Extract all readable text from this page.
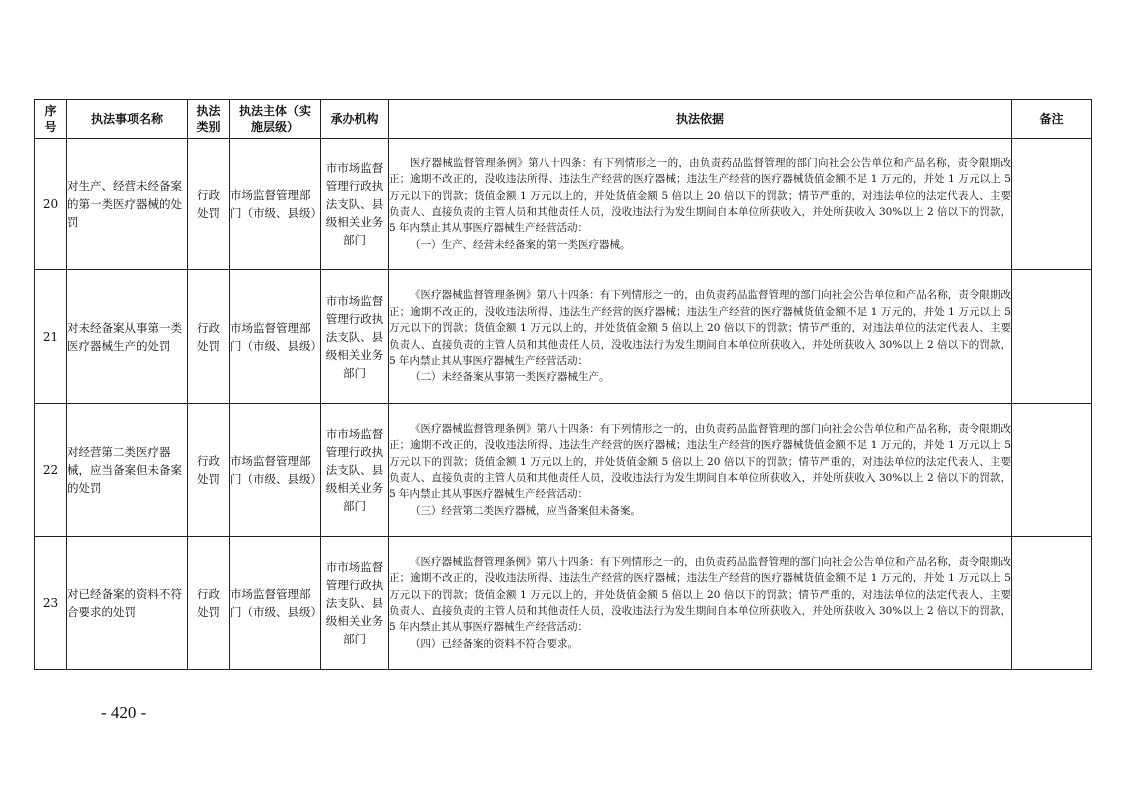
序号	执法事项名称	执法类别	执法主体（实施层级）	承办机构	执法依据	备注
20	对生产、经营未经备案的第一类医疗器械的处罚	行政处罚	市场监督管理部门（市级、县级）	市市场监督管理行政执法支队、县级相关业务部门	医疗器械监督管理条例》第八十四条：有下列情形之一的，由负责药品监督管理的部门向社会公告单位和产品名称，责令限期改正；逾期不改正的，没收违法所得、违法生产经营的医疗器械；违法生产经营的医疗器械货值金额不足 1 万元的，并处 1 万元以上 5 万元以下的罚款；货值金额 1 万元以上的，并处货值金额 5 倍以上 20 倍以下的罚款；情节严重的，对违法单位的法定代表人、主要负责人、直接负责的主管人员和其他责任人员，没收违法行为发生期间自本单位所获收入，并处所获收入 30%以上 2 倍以下的罚款，5 年内禁止其从事医疗器械生产经营活动：

（一）生产、经营未经备案的第一类医疗器械。	

21	对未经备案从事第一类医疗器械生产的处罚	行政处罚	市场监督管理部门（市级、县级）	市市场监督管理行政执法支队、县级相关业务部门	《医疗器械监督管理条例》第八十四条：有下列情形之一的，由负责药品监督管理的部门向社会公告单位和产品名称，责令限期改正；逾期不改正的，没收违法所得、违法生产经营的医疗器械；违法生产经营的医疗器械货值金额不足 1 万元的，并处 1 万元以上 5 万元以下的罚款；货值金额 1 万元以上的，并处货值金额 5 倍以上 20 倍以下的罚款；情节严重的，对违法单位的法定代表人、主要负责人、直接负责的主管人员和其他责任人员，没收违法行为发生期间自本单位所获收入，并处所获收入 30%以上 2 倍以下的罚款，5 年内禁止其从事医疗器械生产经营活动：

（二）未经备案从事第一类医疗器械生产。	

22	对经营第二类医疗器械，应当备案但未备案的处罚	行政处罚	市场监督管理部门（市级、县级）	市市场监督管理行政执法支队、县级相关业务部门	《医疗器械监督管理条例》第八十四条：有下列情形之一的，由负责药品监督管理的部门向社会公告单位和产品名称，责令限期改正；逾期不改正的，没收违法所得、违法生产经营的医疗器械；违法生产经营的医疗器械货值金额不足 1 万元的，并处 1 万元以上 5 万元以下的罚款；货值金额 1 万元以上的，并处货值金额 5 倍以上 20 倍以下的罚款；情节严重的，对违法单位的法定代表人、主要负责人、直接负责的主管人员和其他责任人员，没收违法行为发生期间自本单位所获收入，并处所获收入 30%以上 2 倍以下的罚款，5 年内禁止其从事医疗器械生产经营活动：

（三）经营第二类医疗器械，应当备案但未备案。	

23	对已经备案的资料不符合要求的处罚	行政处罚	市场监督管理部门（市级、县级）	市市场监督管理行政执法支队、县级相关业务部门	《医疗器械监督管理条例》第八十四条：有下列情形之一的，由负责药品监督管理的部门向社会公告单位和产品名称，责令限期改正；逾期不改正的，没收违法所得、违法生产经营的医疗器械；违法生产经营的医疗器械货值金额不足 1 万元的，并处 1 万元以上 5 万元以下的罚款；货值金额 1 万元以上的，并处货值金额 5 倍以上 20 倍以下的罚款；情节严重的，对违法单位的法定代表人、主要负责人、直接负责的主管人员和其他责任人员，没收违法行为发生期间自本单位所获收入，并处所获收入 30%以上 2 倍以下的罚款，5 年内禁止其从事医疗器械生产经营活动：

（四）已经备案的资料不符合要求。	

- 420 -
